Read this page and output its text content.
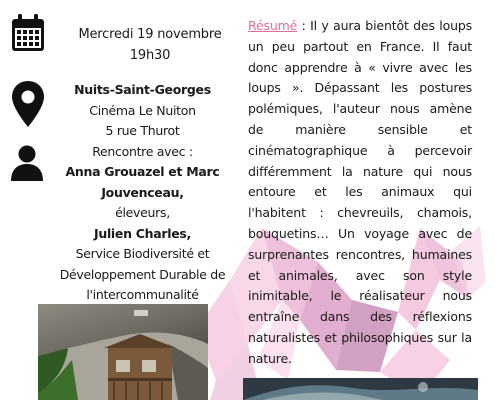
Mercredi 19 novembre
19h30
Nuits-Saint-Georges
Cinéma Le Nuiton
5 rue Thurot
Rencontre avec :
Anna Grouazel et Marc
Jouvenceau,
éleveurs,
Julien Charles,
Service Biodiversité et
Développement Durable de
l'intercommunalité
Résumé : Il y aura bientôt des loups un peu partout en France. Il faut donc apprendre à « vivre avec les loups ». Dépassant les postures polémiques, l'auteur nous amène de manière sensible et cinématographique à percevoir différemment la nature qui nous entoure et les animaux qui l'habitent : chevreuils, chamois, bouquetins… Un voyage avec de surprenantes rencontres, humaines et animales, avec son style inimitable, le réalisateur nous entraîne dans des réflexions naturalistes et philosophiques sur la nature.
